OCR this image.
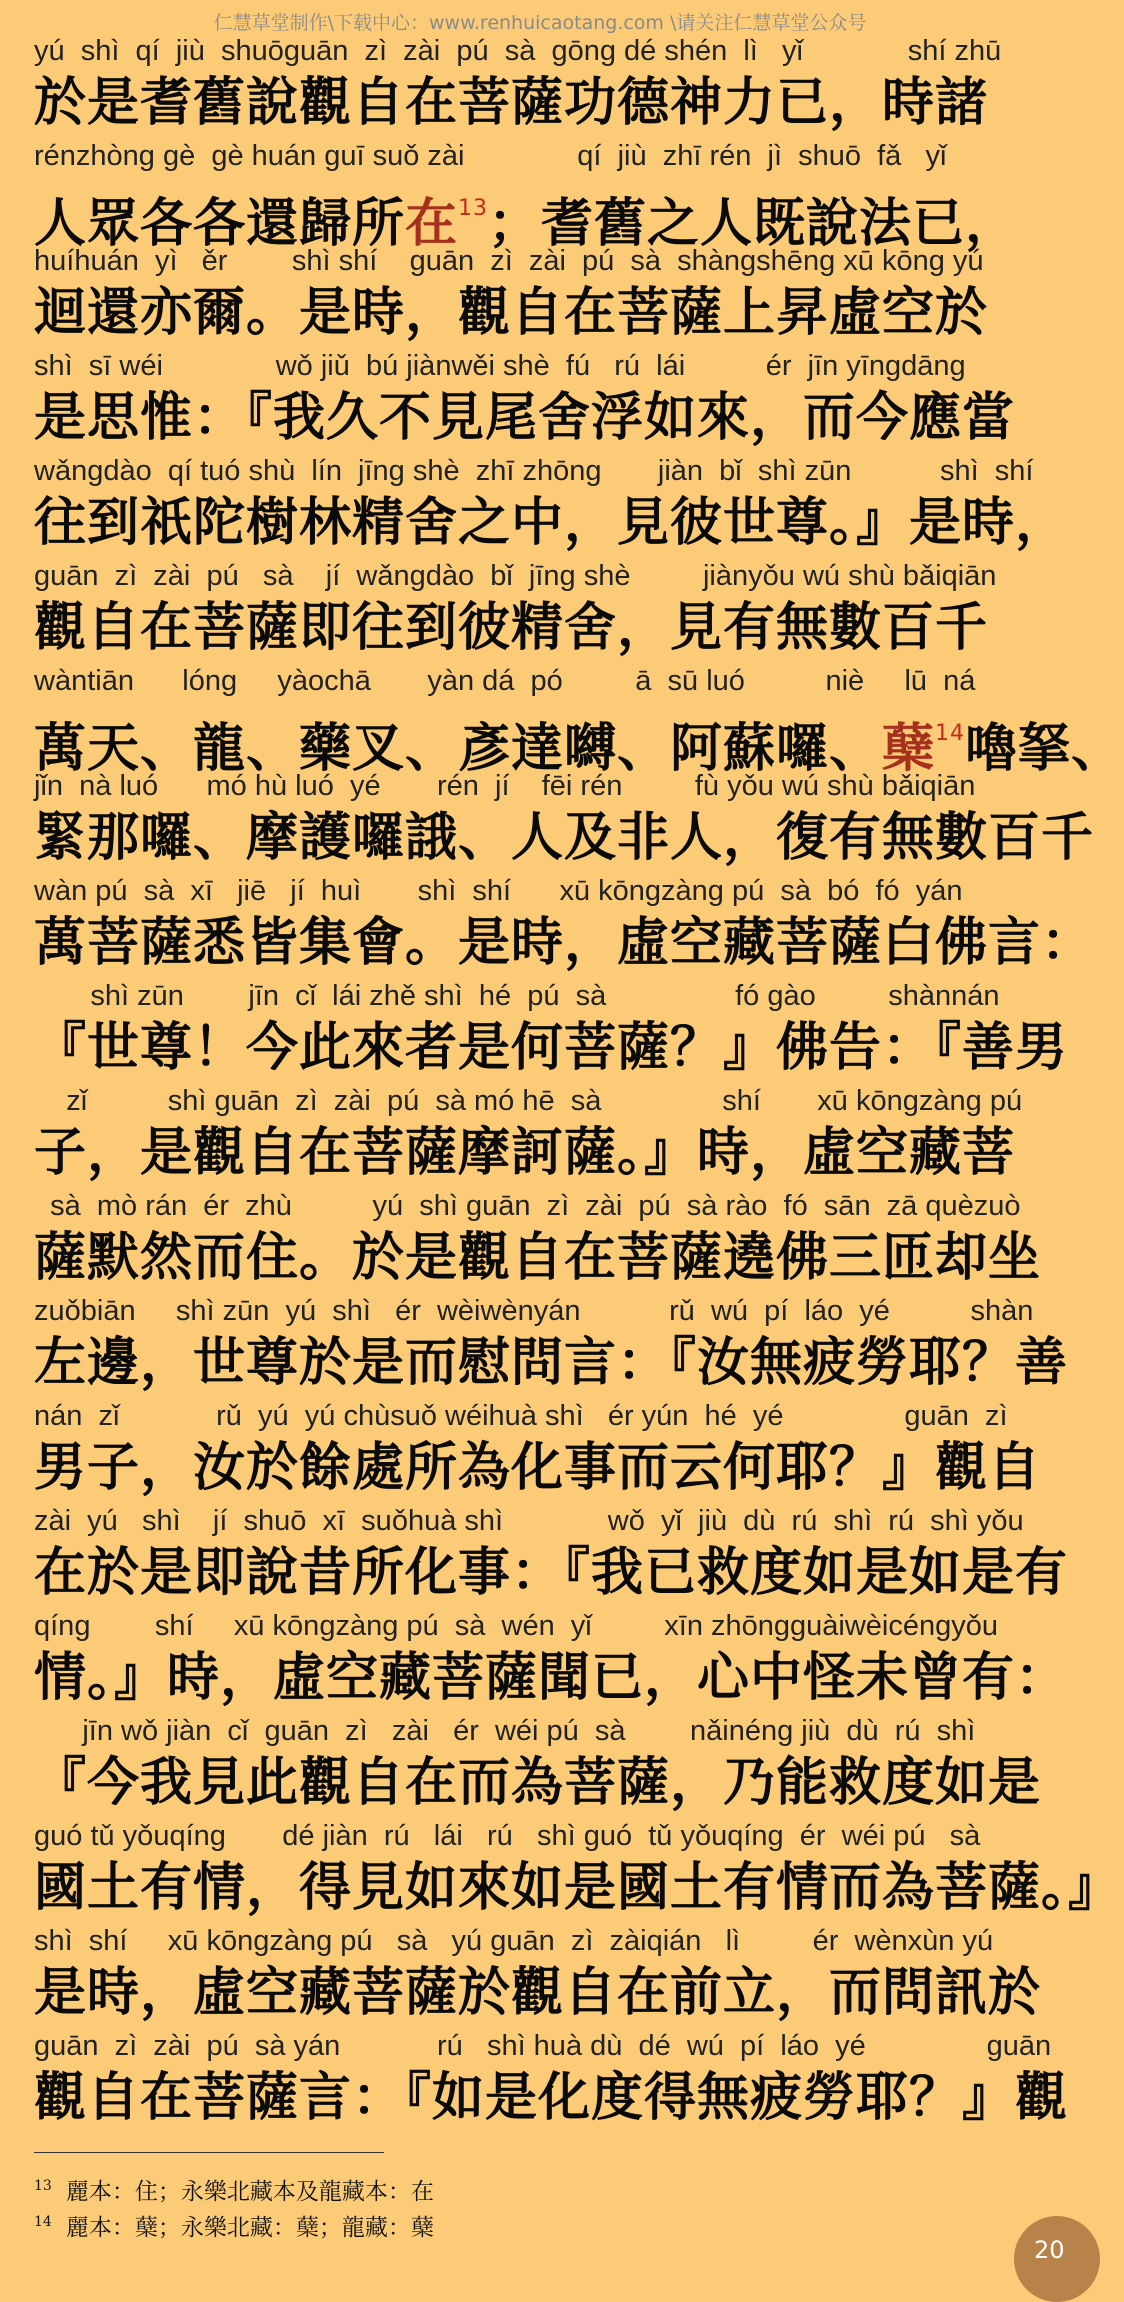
仁慧草堂制作\下载中心：www.renhuicaotang.com \请关注仁慧草堂公众号
yú  shì  qí  jiù  shuōguān  zì  zài  pú  sà  gōng dé shén  lì   yǐ             shí zhū
於是耆舊說觀自在菩薩功德神力已，時諸
rénzhòng gè  gè huán guī suǒ zài              qí  jiù  zhī rén  jì  shuō  fǎ   yǐ
人眾各各還歸所在$^{13}$；耆舊之人既說法已，
huíhuán  yì   ěr        shì shí    guān  zì  zài  pú  sà  shàngshēng xū kōng yú
迴還亦爾。是時，觀自在菩薩上昇虛空於
shì  sī wéi              wǒ jiǔ  bú jiànwěi shè  fú   rú  lái          ér  jīn yīngdāng
是思惟：『我久不見尾舍浮如來，而今應當
wǎngdào  qí tuó shù  lín  jīng shè  zhī zhōng       jiàn  bǐ  shì zūn           shì  shí
往到祇陀樹林精舍之中，見彼世尊。』是時，
guān  zì  zài  pú   sà    jí  wǎngdào  bǐ  jīng shè         jiànyǒu wú shù bǎiqiān
觀自在菩薩即往到彼精舍，見有無數百千
wàntiān      lóng     yàochā       yàn dá  pó         ā  sū luó          niè     lū  ná
萬天、龍、藥叉、彥達嚩、阿蘇囉、蘖$^{14}$嚕拏、
jǐn  nà luó      mó hù luó  yé       rén  jí    fēi rén         fù yǒu wú shù bǎiqiān
緊那囉、摩護囉誐、人及非人，復有無數百千
wàn pú  sà  xī   jiē   jí  huì       shì  shí      xū kōngzàng pú  sà  bó  fó  yán
萬菩薩悉皆集會。是時，虛空藏菩薩白佛言：
shì zūn        jīn  cǐ  lái zhě shì  hé  pú  sà                fó gào         shànnán
『世尊！今此來者是何菩薩？』佛告：『善男
zǐ          shì guān  zì  zài  pú  sà mó hē  sà               shí       xū kōngzàng pú
子，是觀自在菩薩摩訶薩。』時，虛空藏菩
sà  mò rán  ér  zhù          yú  shì guān  zì  zài  pú  sà rào  fó  sān  zā quèzuò
薩默然而住。於是觀自在菩薩遶佛三匝却坐
zuǒbiān     shì zūn  yú  shì   ér  wèiwènyán           rǔ  wú  pí  láo  yé          shàn
左邊，世尊於是而慰問言：『汝無疲勞耶？善
nán  zǐ            rǔ  yú  yú chùsuǒ wéihuà shì   ér yún  hé  yé               guān  zì
男子，汝於餘處所為化事而云何耶？』觀自
zài  yú   shì    jí  shuō  xī  suǒhuà shì             wǒ  yǐ  jiù  dù  rú  shì  rú  shì yǒu
在於是即說昔所化事：『我已救度如是如是有
qíng        shí     xū kōngzàng pú  sà  wén  yǐ         xīn zhōngguàiwèicéngyǒu
情。』時，虛空藏菩薩聞已，心中怪未曾有：
jīn wǒ jiàn  cǐ  guān  zì   zài   ér  wéi pú  sà        nǎinéng jiù  dù  rú  shì
『今我見此觀自在而為菩薩，乃能救度如是
guó tǔ yǒuqíng       dé jiàn  rú   lái   rú   shì guó  tǔ yǒuqíng  ér  wéi pú   sà
國土有情，得見如來如是國土有情而為菩薩。』
shì  shí     xū kōngzàng pú   sà   yú guān  zì  zàiqián   lì         ér  wènxùn yú
是時，虛空藏菩薩於觀自在前立，而問訊於
guān  zì  zài  pú  sà yán            rú   shì huà dù  dé  wú  pí  láo  yé               guān
觀自在菩薩言：『如是化度得無疲勞耶？』觀
$^{13}$ 麗本：住；永樂北藏本及龍藏本：在
$^{14}$ 麗本：蘖；永樂北藏：蘖；龍藏：蘖
20
